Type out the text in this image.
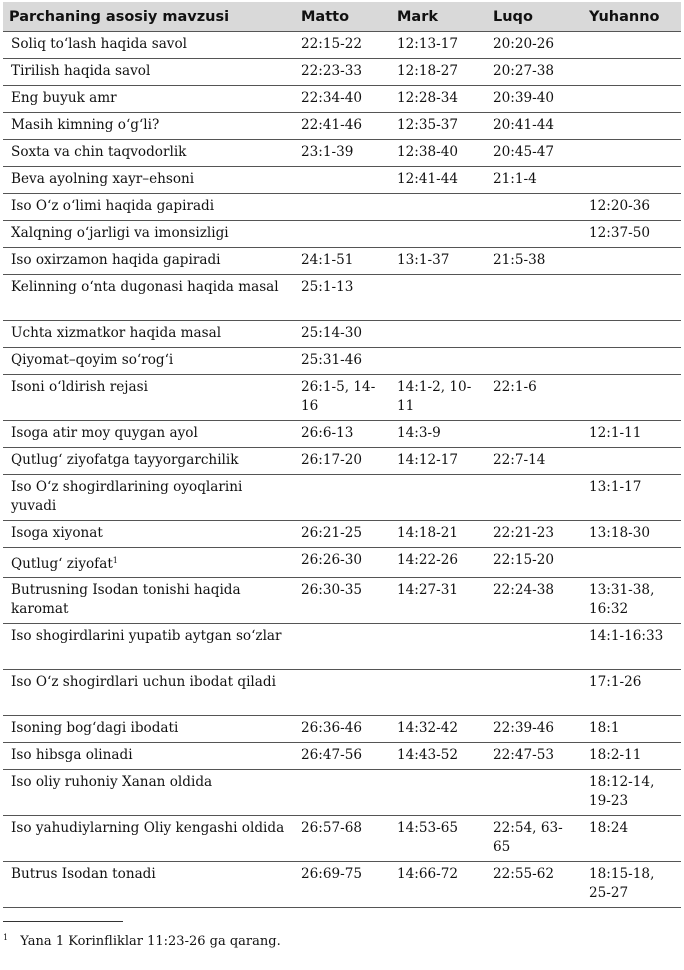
Parchaning asosiy mavzusi	Matto	Mark	Luqo	Yuhanno
Soliq to‘lash haqida savol	22:15-22	12:13-17	20:20-26	
Tirilish haqida savol	22:23-33	12:18-27	20:27-38	
Eng buyuk amr	22:34-40	12:28-34	20:39-40	
Masih kimning o‘g‘li?	22:41-46	12:35-37	20:41-44	
Soxta va chin taqvodorlik	23:1-39	12:38-40	20:45-47	
Beva ayolning xayr–ehsoni		12:41-44	21:1-4	
Iso O‘z o‘limi haqida gapiradi				12:20-36
Xalqning o‘jarligi va imonsizligi				12:37-50
Iso oxirzamon haqida gapiradi	24:1-51	13:1-37	21:5-38	
Kelinning o‘nta dugonasi haqida masal	25:1-13			
Uchta xizmatkor haqida masal	25:14-30			
Qiyomat–qoyim so‘rog‘i	25:31-46			
Isoni o‘ldirish rejasi	26:1-5, 14-16	14:1-2, 10-11	22:1-6	
Isoga atir moy quygan ayol	26:6-13	14:3-9		12:1-11
Qutlug‘ ziyofatga tayyorgarchilik	26:17-20	14:12-17	22:7-14	
Iso O‘z shogirdlarining oyoqlarini yuvadi				13:1-17
Isoga xiyonat	26:21-25	14:18-21	22:21-23	13:18-30
Qutlug‘ ziyofat$^1$	26:26-30	14:22-26	22:15-20	
Butrusning Isodan tonishi haqida karomat	26:30-35	14:27-31	22:24-38	13:31-38, 16:32
Iso shogirdlarini yupatib aytgan so‘zlar				14:1-16:33
Iso O‘z shogirdlari uchun ibodat qiladi				17:1-26
Isoning bog‘dagi ibodati	26:36-46	14:32-42	22:39-46	18:1
Iso hibsga olinadi	26:47-56	14:43-52	22:47-53	18:2-11
Iso oliy ruhoniy Xanan oldida				18:12-14, 19-23
Iso yahudiylarning Oliy kengashi oldida	26:57-68	14:53-65	22:54, 63-65	18:24
Butrus Isodan tonadi	26:69-75	14:66-72	22:55-62	18:15-18, 25-27
$^1$ Yana 1 Korinfliklar 11:23-26 ga qarang.
